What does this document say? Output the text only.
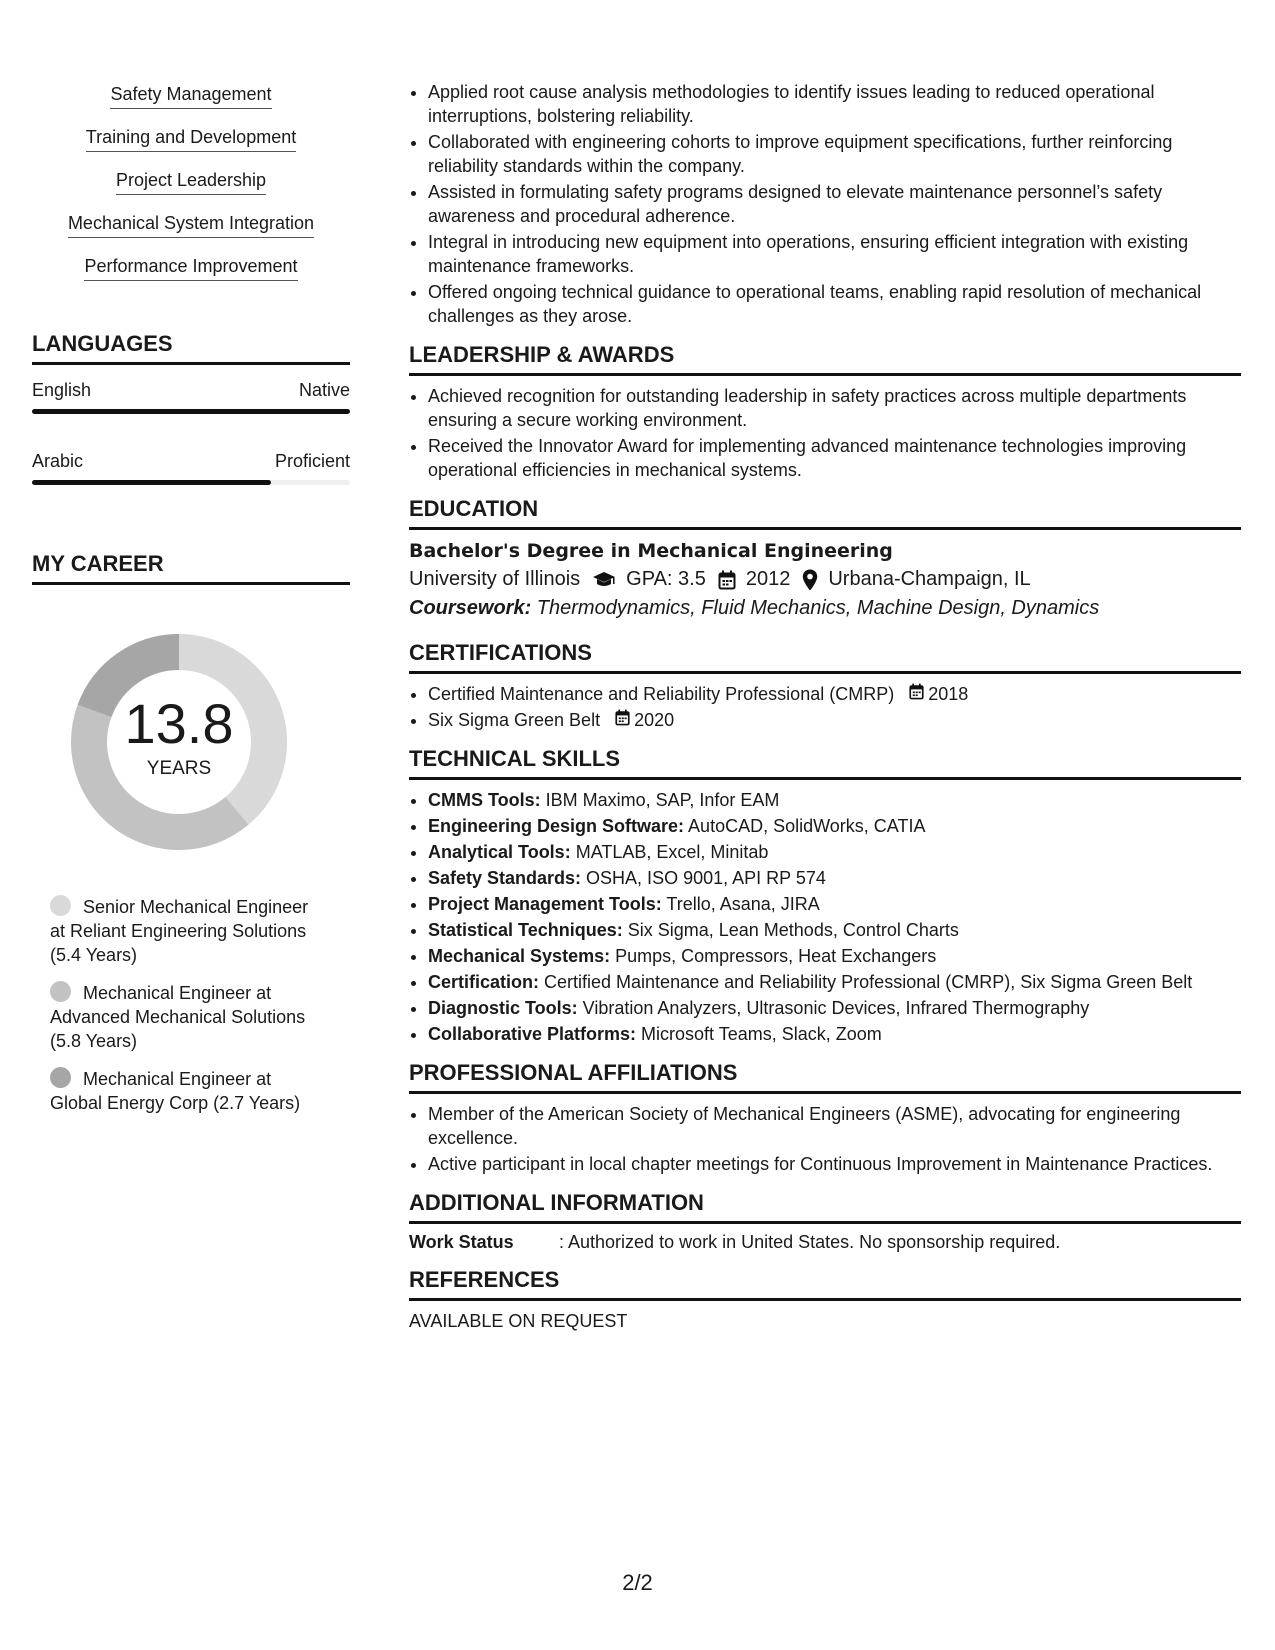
Safety Management
Training and Development
Project Leadership
Mechanical System Integration
Performance Improvement
LANGUAGES
English	Native
Arabic	Proficient
MY CAREER
13.8
YEARS
Senior Mechanical Engineer at Reliant Engineering Solutions (5.4 Years)
Mechanical Engineer at Advanced Mechanical Solutions (5.8 Years)
Mechanical Engineer at Global Energy Corp (2.7 Years)
• Applied root cause analysis methodologies to identify issues leading to reduced operational interruptions, bolstering reliability.
• Collaborated with engineering cohorts to improve equipment specifications, further reinforcing reliability standards within the company.
• Assisted in formulating safety programs designed to elevate maintenance personnel’s safety awareness and procedural adherence.
• Integral in introducing new equipment into operations, ensuring efficient integration with existing maintenance frameworks.
• Offered ongoing technical guidance to operational teams, enabling rapid resolution of mechanical challenges as they arose.
LEADERSHIP & AWARDS
• Achieved recognition for outstanding leadership in safety practices across multiple departments ensuring a secure working environment.
• Received the Innovator Award for implementing advanced maintenance technologies improving operational efficiencies in mechanical systems.
EDUCATION
Bachelor's Degree in Mechanical Engineering
University of Illinois GPA: 3.5 2012 Urbana-Champaign, IL
Coursework: Thermodynamics, Fluid Mechanics, Machine Design, Dynamics
CERTIFICATIONS
• Certified Maintenance and Reliability Professional (CMRP) 2018
• Six Sigma Green Belt 2020
TECHNICAL SKILLS
• CMMS Tools: IBM Maximo, SAP, Infor EAM
• Engineering Design Software: AutoCAD, SolidWorks, CATIA
• Analytical Tools: MATLAB, Excel, Minitab
• Safety Standards: OSHA, ISO 9001, API RP 574
• Project Management Tools: Trello, Asana, JIRA
• Statistical Techniques: Six Sigma, Lean Methods, Control Charts
• Mechanical Systems: Pumps, Compressors, Heat Exchangers
• Certification: Certified Maintenance and Reliability Professional (CMRP), Six Sigma Green Belt
• Diagnostic Tools: Vibration Analyzers, Ultrasonic Devices, Infrared Thermography
• Collaborative Platforms: Microsoft Teams, Slack, Zoom
PROFESSIONAL AFFILIATIONS
• Member of the American Society of Mechanical Engineers (ASME), advocating for engineering excellence.
• Active participant in local chapter meetings for Continuous Improvement in Maintenance Practices.
ADDITIONAL INFORMATION
Work Status	: Authorized to work in United States. No sponsorship required.
REFERENCES
AVAILABLE ON REQUEST
2/2
